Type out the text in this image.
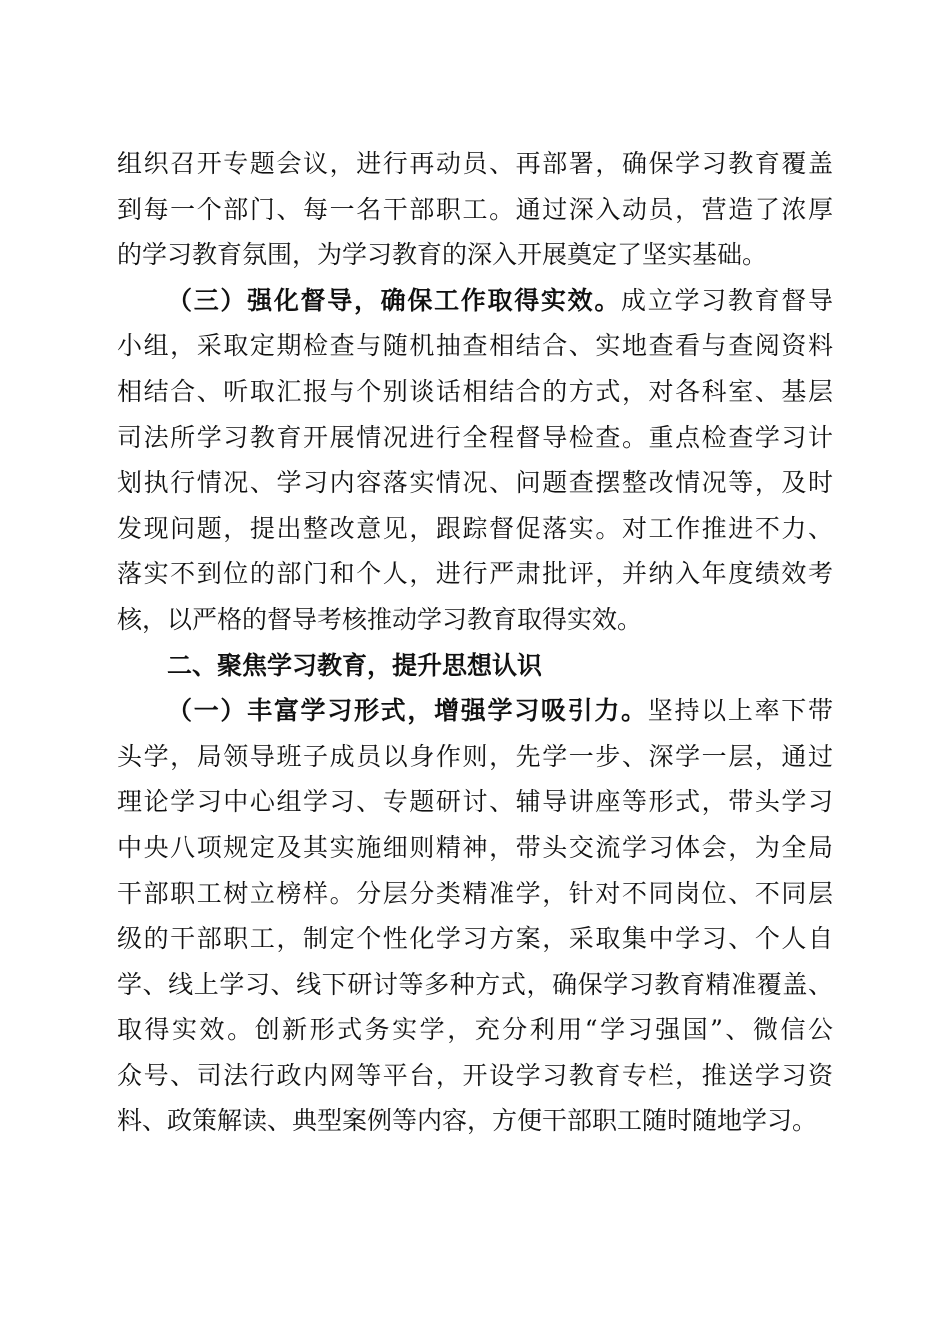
组织召开专题会议，进行再动员、再部署，确保学习教育覆盖
到每一个部门、每一名干部职工。通过深入动员，营造了浓厚
的学习教育氛围，为学习教育的深入开展奠定了坚实基础。
（三）强化督导，确保工作取得实效。成立学习教育督导
小组，采取定期检查与随机抽查相结合、实地查看与查阅资料
相结合、听取汇报与个别谈话相结合的方式，对各科室、基层
司法所学习教育开展情况进行全程督导检查。重点检查学习计
划执行情况、学习内容落实情况、问题查摆整改情况等，及时
发现问题，提出整改意见，跟踪督促落实。对工作推进不力、
落实不到位的部门和个人，进行严肃批评，并纳入年度绩效考
核，以严格的督导考核推动学习教育取得实效。
二、聚焦学习教育，提升思想认识
（一）丰富学习形式，增强学习吸引力。坚持以上率下带
头学，局领导班子成员以身作则，先学一步、深学一层，通过
理论学习中心组学习、专题研讨、辅导讲座等形式，带头学习
中央八项规定及其实施细则精神，带头交流学习体会，为全局
干部职工树立榜样。分层分类精准学，针对不同岗位、不同层
级的干部职工，制定个性化学习方案，采取集中学习、个人自
学、线上学习、线下研讨等多种方式，确保学习教育精准覆盖、
取得实效。创新形式务实学，充分利用“学习强国”、微信公
众号、司法行政内网等平台，开设学习教育专栏，推送学习资
料、政策解读、典型案例等内容，方便干部职工随时随地学习。
